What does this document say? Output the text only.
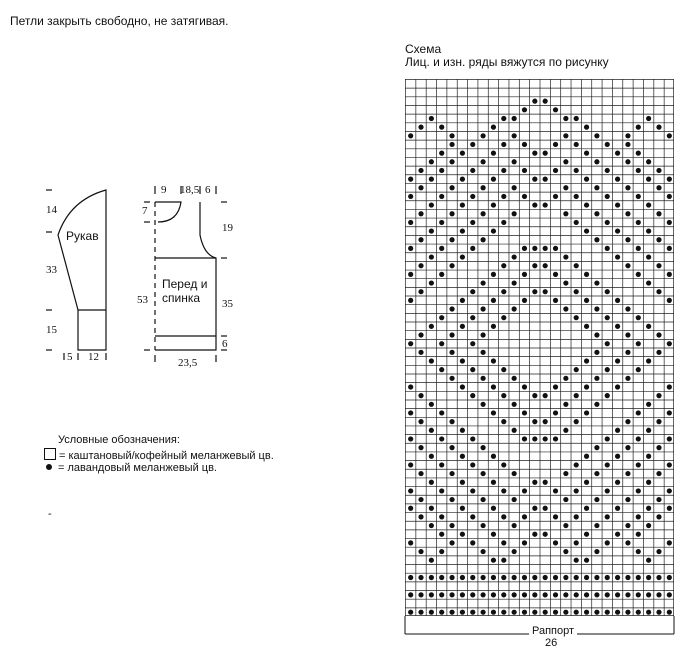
Петли закрыть свободно, не затягивая.
Схема
Лиц. и изн. ряды вяжутся по рисунку
Рукав
14
33
15
5 12
Перед и
спинка
9 18,5 6
7
19
53	35
6
23,5
Условные обозначения:
= каштановый/кофейный меланжевый цв.
= лавандовый меланжевый цв.
-
Раппорт
26
